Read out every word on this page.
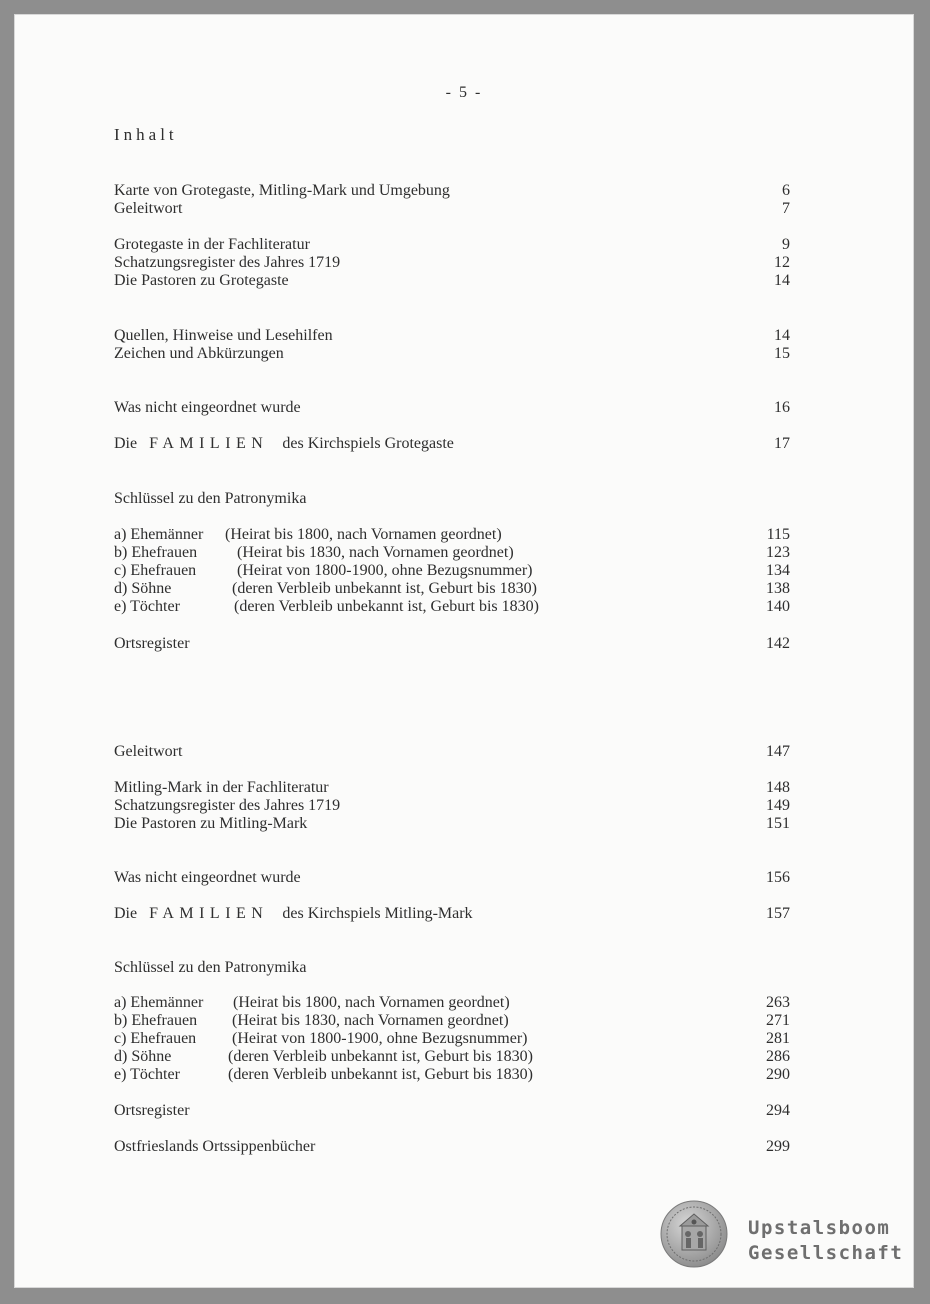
- 5 -
Inhalt
Karte von Grotegaste, Mitling-Mark und Umgebung	6
Geleitwort	7
Grotegaste in der Fachliteratur	9
Schatzungsregister des Jahres 1719	12
Die Pastoren zu Grotegaste	14
Quellen, Hinweise und Lesehilfen	14
Zeichen und Abkürzungen	15
Was nicht eingeordnet wurde	16
Die FAMILIEN des Kirchspiels Grotegaste	17
Schlüssel zu den Patronymika
a) Ehemänner (Heirat bis 1800, nach Vornamen geordnet)	115
b) Ehefrauen (Heirat bis 1830, nach Vornamen geordnet)	123
c) Ehefrauen	(Heirat von 1800-1900, ohne Bezugsnummer)	134
d) Söhne	(deren Verbleib unbekannt ist, Geburt bis 1830)	138
e) Töchter	(deren Verbleib unbekannt ist, Geburt bis 1830)	140
Ortsregister	142
Geleitwort	147
Mitling-Mark in der Fachliteratur	148
Schatzungsregister des Jahres 1719	149
Die Pastoren zu Mitling-Mark	151
Was nicht eingeordnet wurde	156
Die FAMILIEN des Kirchspiels Mitling-Mark	157
Schlüssel zu den Patronymika
a) Ehemänner (Heirat bis 1800, nach Vornamen geordnet)	263
b) Ehefrauen (Heirat bis 1830, nach Vornamen geordnet)	271
c) Ehefrauen (Heirat von 1800-1900, ohne Bezugsnummer)	281
d) Söhne	(deren Verbleib unbekannt ist, Geburt bis 1830)	286
e) Töchter	(deren Verbleib unbekannt ist, Geburt bis 1830)	290
Ortsregister	294
Ostfrieslands Ortssippenbücher	299
Upstalsboom
Gesellschaft
